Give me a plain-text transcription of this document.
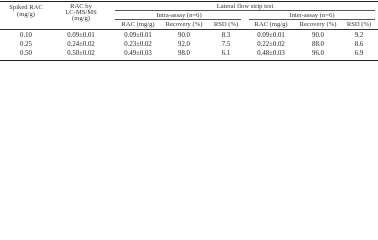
Spiked RAC
(mg/g)
RAC by
LC-MS/MS
(mg/g)
Lateral flow strip test
Intra-assay (n=6)	Inter-assay (n=6)
RAC (mg/g)	Recovery (%)	RSD (%)	RAC (mg/g)	Recovery (%)	RSD (%)
0.10	0.09±0.01	0.09±0.01	90.0	8.3	0.09±0.01	90.0	9.2
0.25	0.24±0.02	0.23±0.02	92.0	7.5	0.22±0.02	88.0	8.6
0.50	0.50±0.02	0.49±0.03	98.0	6.1	0.48±0.03	96.0	6.9
